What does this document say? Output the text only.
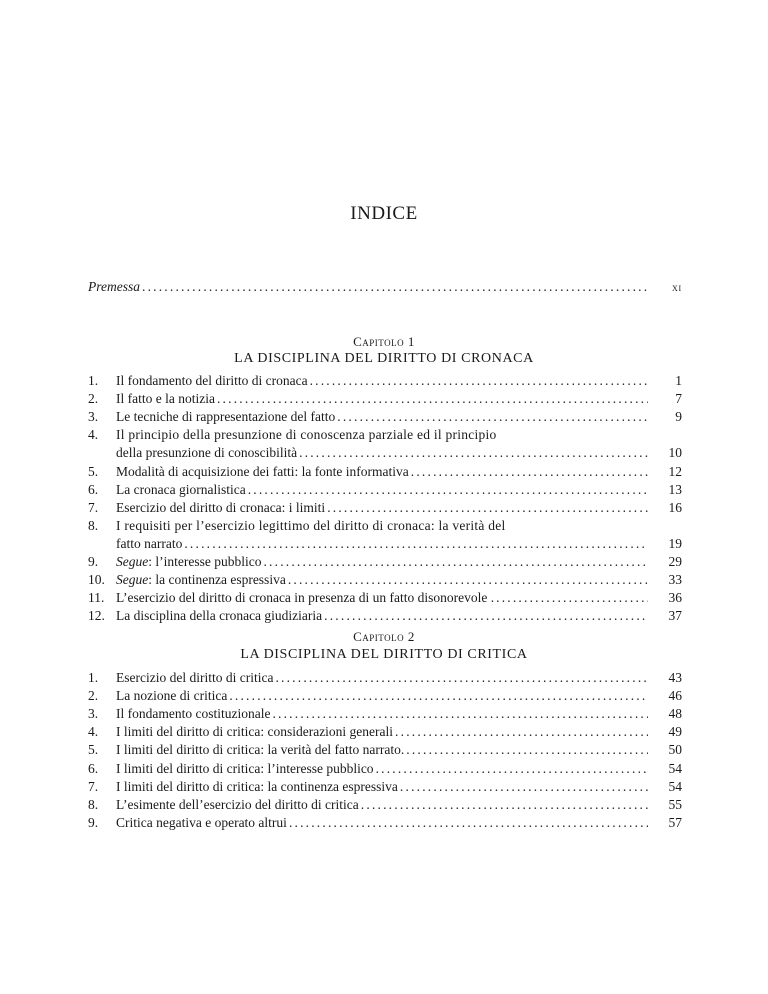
INDICE
Premessa .....	xi
Capitolo 1
LA DISCIPLINA DEL DIRITTO DI CRONACA
1.	Il fondamento del diritto di cronaca .....	1
2.	Il fatto e la notizia .....	7
3.	Le tecniche di rappresentazione del fatto .....	9
4.	Il principio della presunzione di conoscenza parziale ed il principio
della presunzione di conoscibilità .....	10
5.	Modalità di acquisizione dei fatti: la fonte informativa .....	12
6.	La cronaca giornalistica .....	13
7.	Esercizio del diritto di cronaca: i limiti .....	16
8.	I requisiti per l’esercizio legittimo del diritto di cronaca: la verità del
fatto narrato .....	19
9.	Segue: l’interesse pubblico .....	29
10. Segue: la continenza espressiva .....	33
11. L’esercizio del diritto di cronaca in presenza di un fatto disonorevole . .....	36
12. La disciplina della cronaca giudiziaria .....	37
Capitolo 2
LA DISCIPLINA DEL DIRITTO DI CRITICA
1.	Esercizio del diritto di critica .....	43
2.	La nozione di critica .....	46
3.	Il fondamento costituzionale .....	48
4.	I limiti del diritto di critica: considerazioni generali .....	49
5.	I limiti del diritto di critica: la verità del fatto narrato. .....	50
6.	I limiti del diritto di critica: l’interesse pubblico .....	54
7.	I limiti del diritto di critica: la continenza espressiva .....	54
8.	L’esimente dell’esercizio del diritto di critica .....	55
9.	Critica negativa e operato altrui .....	57
